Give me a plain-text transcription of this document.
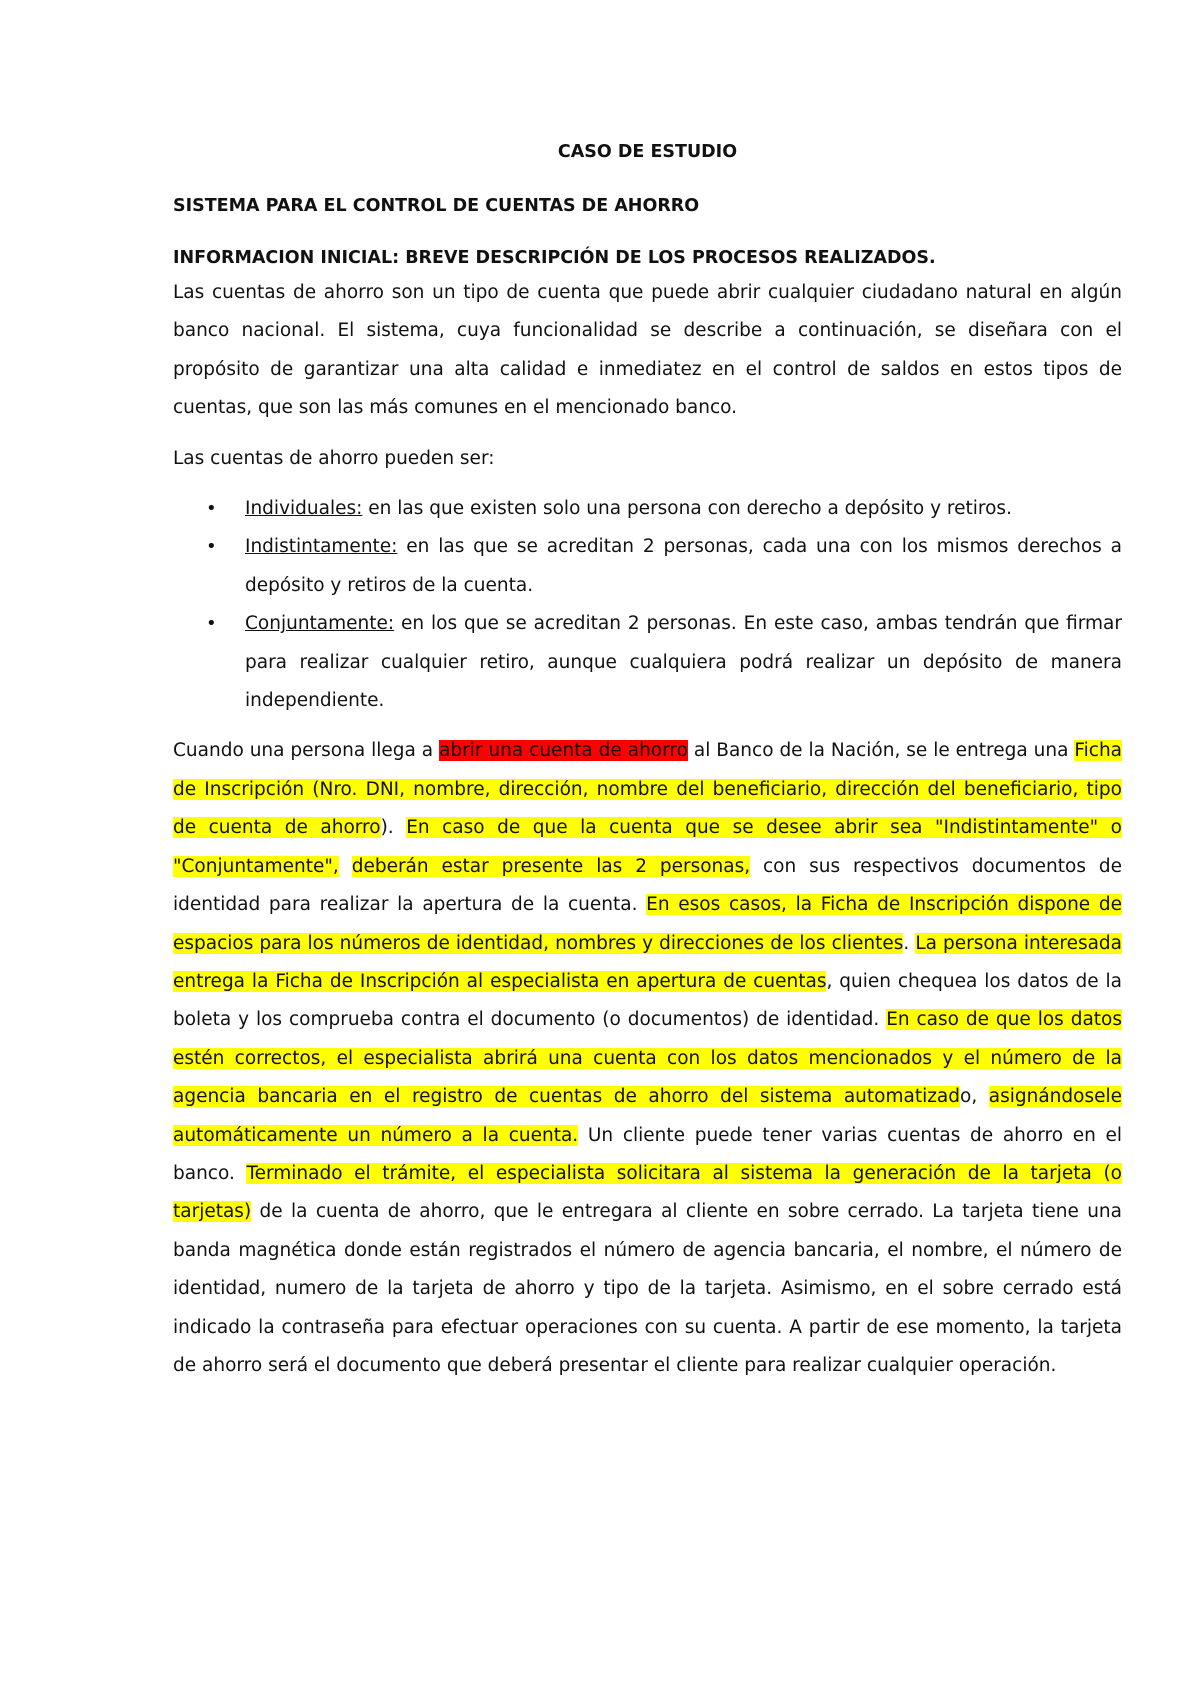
CASO DE ESTUDIO

SISTEMA PARA EL CONTROL DE CUENTAS DE AHORRO

INFORMACION INICIAL: BREVE DESCRIPCIÓN DE LOS PROCESOS REALIZADOS.

Las cuentas de ahorro son un tipo de cuenta que puede abrir cualquier ciudadano natural en algún banco nacional. El sistema, cuya funcionalidad se describe a continuación, se diseñara con el propósito de garantizar una alta calidad e inmediatez en el control de saldos en estos tipos de cuentas, que son las más comunes en el mencionado banco.

Las cuentas de ahorro pueden ser:

• Individuales: en las que existen solo una persona con derecho a depósito y retiros.
• Indistintamente: en las que se acreditan 2 personas, cada una con los mismos derechos a depósito y retiros de la cuenta.
• Conjuntamente: en los que se acreditan 2 personas. En este caso, ambas tendrán que firmar para realizar cualquier retiro, aunque cualquiera podrá realizar un depósito de manera independiente.

Cuando una persona llega a abrir una cuenta de ahorro al Banco de la Nación, se le entrega una Ficha de Inscripción (Nro. DNI, nombre, dirección, nombre del beneficiario, dirección del beneficiario, tipo de cuenta de ahorro). En caso de que la cuenta que se desee abrir sea "Indistintamente" o "Conjuntamente", deberán estar presente las 2 personas, con sus respectivos documentos de identidad para realizar la apertura de la cuenta. En esos casos, la Ficha de Inscripción dispone de espacios para los números de identidad, nombres y direcciones de los clientes. La persona interesada entrega la Ficha de Inscripción al especialista en apertura de cuentas, quien chequea los datos de la boleta y los comprueba contra el documento (o documentos) de identidad. En caso de que los datos estén correctos, el especialista abrirá una cuenta con los datos mencionados y el número de la agencia bancaria en el registro de cuentas de ahorro del sistema automatizado, asignándosele automáticamente un número a la cuenta. Un cliente puede tener varias cuentas de ahorro en el banco. Terminado el trámite, el especialista solicitara al sistema la generación de la tarjeta (o tarjetas) de la cuenta de ahorro, que le entregara al cliente en sobre cerrado. La tarjeta tiene una banda magnética donde están registrados el número de agencia bancaria, el nombre, el número de identidad, numero de la tarjeta de ahorro y tipo de la tarjeta. Asimismo, en el sobre cerrado está indicado la contraseña para efectuar operaciones con su cuenta. A partir de ese momento, la tarjeta de ahorro será el documento que deberá presentar el cliente para realizar cualquier operación.
